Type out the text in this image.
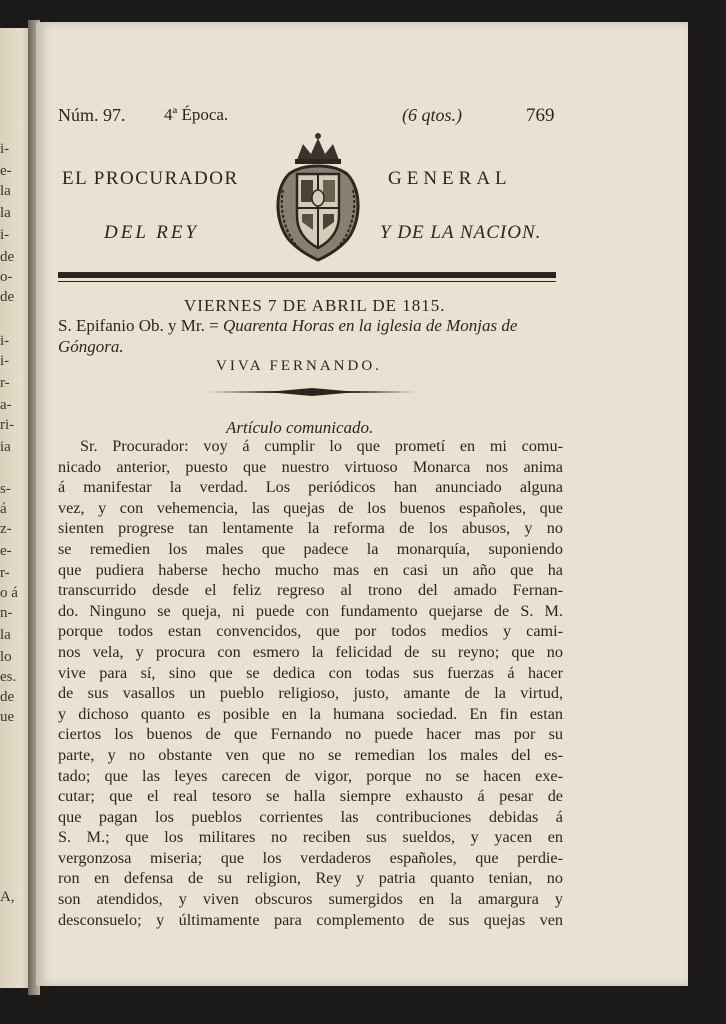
i-
e-
la
la
i-
de
o-
de
i-
i-
r-
a-
ri-
ia
s-
á
z-
e-
r-
o á
n-
la
lo
es.
de
ue
A,
Núm. 97. 4ª Época.	(6 qtos.)	769
EL PROCURADOR	GENERAL
DEL REY	Y DE LA NACION.
VIERNES 7 DE ABRIL DE 1815.
S. Epifanio Ob. y Mr. = Quarenta Horas en la iglesia de Monjas de Góngora.
VIVA FERNANDO.
Artículo comunicado.
Sr. Procurador: voy á cumplir lo que prometí en mi comu-
nicado anterior, puesto que nuestro virtuoso Monarca nos anima
á manifestar la verdad. Los periódicos han anunciado alguna
vez, y con vehemencia, las quejas de los buenos españoles, que
sienten progrese tan lentamente la reforma de los abusos, y no
se remedien los males que padece la monarquía, suponiendo
que pudiera haberse hecho mucho mas en casi un año que ha
transcurrido desde el feliz regreso al trono del amado Fernan-
do. Ninguno se queja, ni puede con fundamento quejarse de S. M.
porque todos estan convencidos, que por todos medios y cami-
nos vela, y procura con esmero la felicidad de su reyno; que no
vive para sí, sino que se dedica con todas sus fuerzas á hacer
de sus vasallos un pueblo religioso, justo, amante de la virtud,
y dichoso quanto es posible en la humana sociedad. En fin estan
ciertos los buenos de que Fernando no puede hacer mas por su
parte, y no obstante ven que no se remedian los males del es-
tado; que las leyes carecen de vigor, porque no se hacen exe-
cutar; que el real tesoro se halla siempre exhausto á pesar de
que pagan los pueblos corrientes las contribuciones debidas á
S. M.; que los militares no reciben sus sueldos, y yacen en
vergonzosa miseria; que los verdaderos españoles, que perdie-
ron en defensa de su religion, Rey y patria quanto tenian, no
son atendidos, y viven obscuros sumergidos en la amargura y
desconsuelo; y últimamente para complemento de sus quejas ven
